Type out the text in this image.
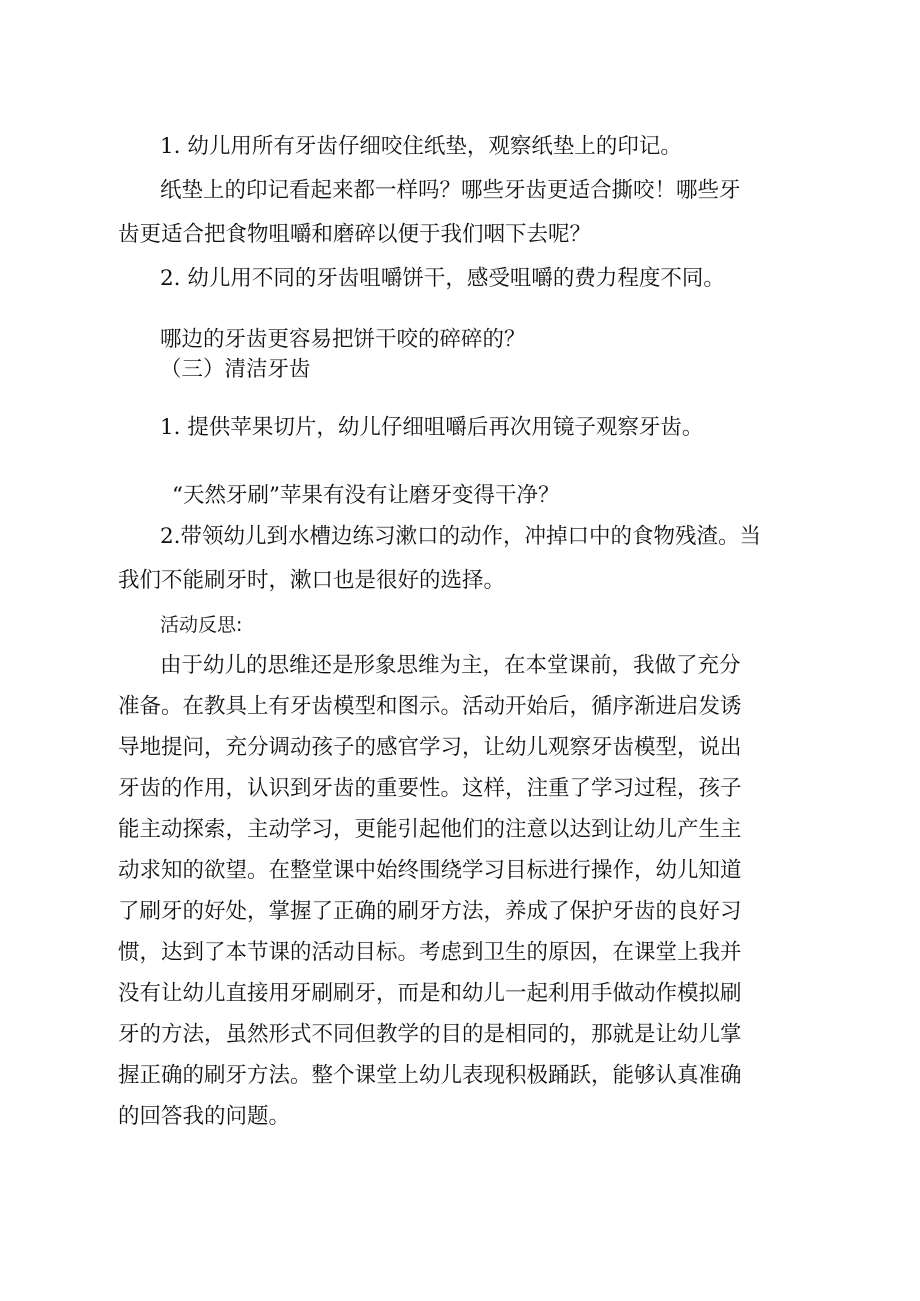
1. 幼儿用所有牙齿仔细咬住纸垫，观察纸垫上的印记。
纸垫上的印记看起来都一样吗？哪些牙齿更适合撕咬！哪些牙
齿更适合把食物咀嚼和磨碎以便于我们咽下去呢？
2. 幼儿用不同的牙齿咀嚼饼干，感受咀嚼的费力程度不同。
哪边的牙齿更容易把饼干咬的碎碎的？
（三）清洁牙齿
1. 提供苹果切片，幼儿仔细咀嚼后再次用镜子观察牙齿。
“天然牙刷”苹果有没有让磨牙变得干净？
2.带领幼儿到水槽边练习漱口的动作，冲掉口中的食物残渣。当
我们不能刷牙时，漱口也是很好的选择。
活动反思:
由于幼儿的思维还是形象思维为主，在本堂课前，我做了充分
准备。在教具上有牙齿模型和图示。活动开始后，循序渐进启发诱
导地提问，充分调动孩子的感官学习，让幼儿观察牙齿模型，说出
牙齿的作用，认识到牙齿的重要性。这样，注重了学习过程，孩子
能主动探索，主动学习，更能引起他们的注意以达到让幼儿产生主
动求知的欲望。在整堂课中始终围绕学习目标进行操作，幼儿知道
了刷牙的好处，掌握了正确的刷牙方法，养成了保护牙齿的良好习
惯，达到了本节课的活动目标。考虑到卫生的原因，在课堂上我并
没有让幼儿直接用牙刷刷牙，而是和幼儿一起利用手做动作模拟刷
牙的方法，虽然形式不同但教学的目的是相同的，那就是让幼儿掌
握正确的刷牙方法。整个课堂上幼儿表现积极踊跃，能够认真准确
的回答我的问题。
